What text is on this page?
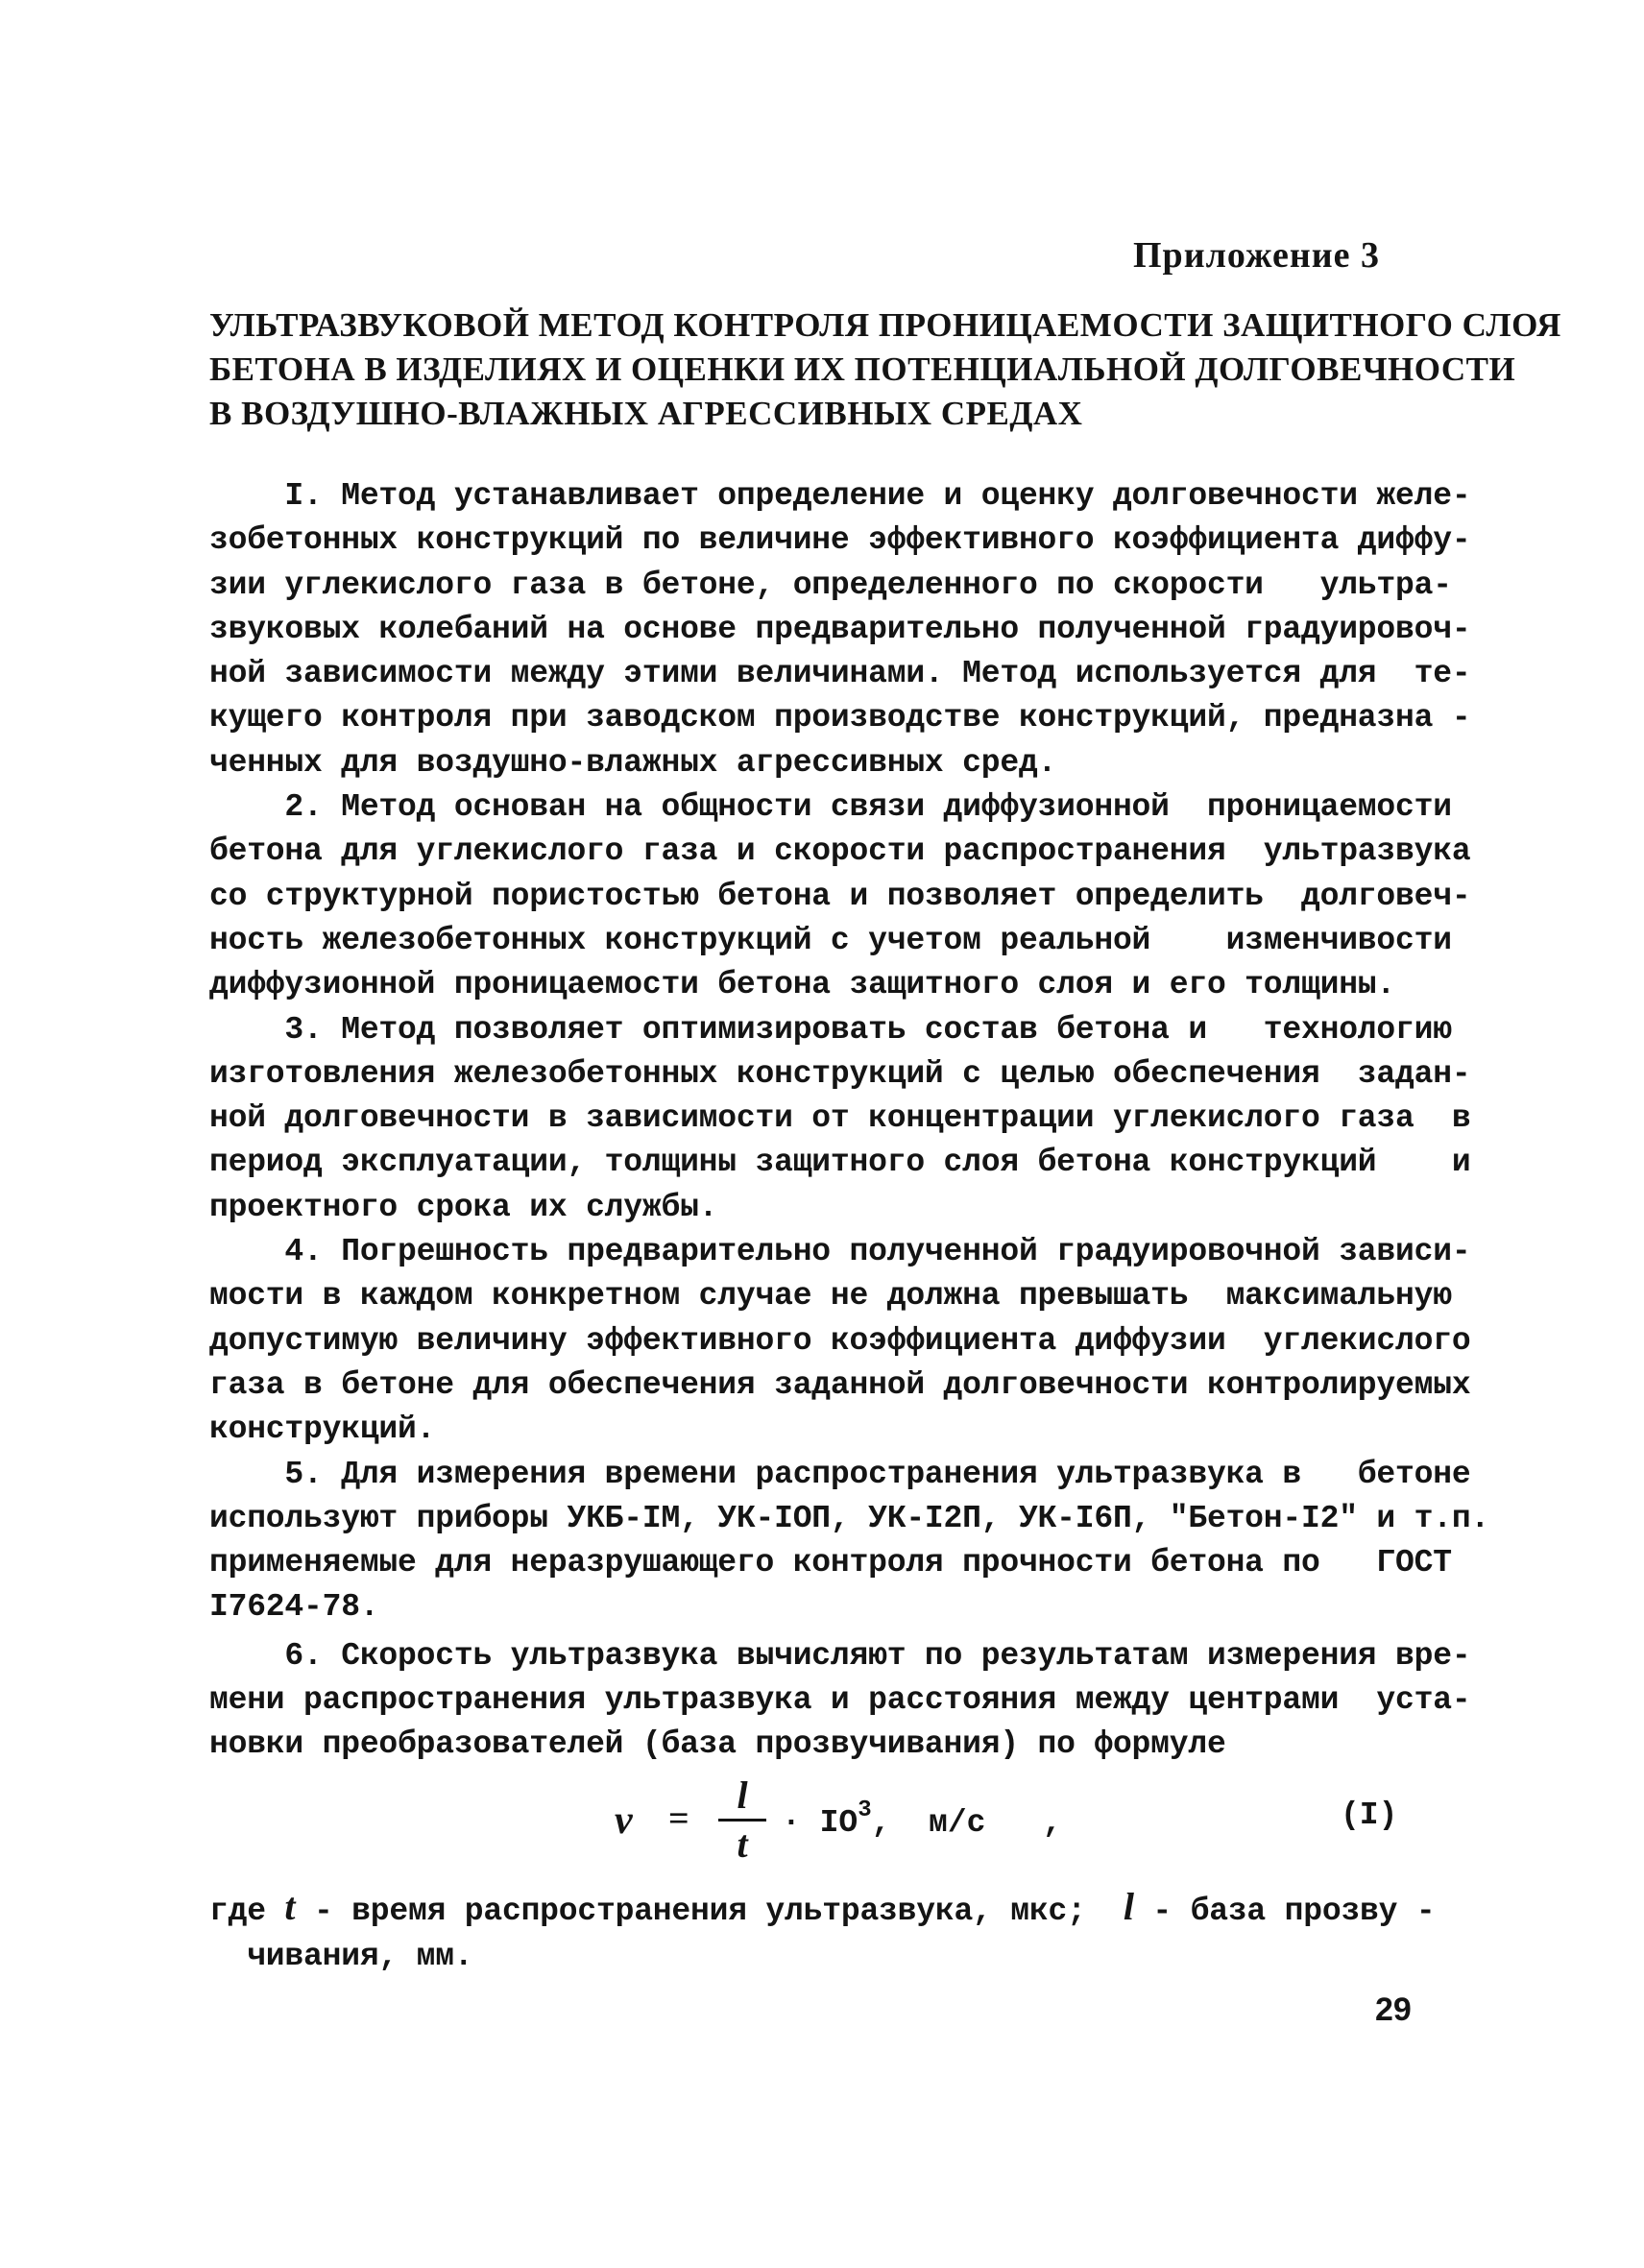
Приложение 3
УЛЬТРАЗВУКОВОЙ МЕТОД КОНТРОЛЯ ПРОНИЦАЕМОСТИ ЗАЩИТНОГО СЛОЯ
БЕТОНА В ИЗДЕЛИЯХ И ОЦЕНКИ ИХ ПОТЕНЦИАЛЬНОЙ ДОЛГОВЕЧНОСТИ
В ВОЗДУШНО-ВЛАЖНЫХ АГРЕССИВНЫХ СРЕДАХ
I. Метод устанавливает определение и оценку долговечности желе-
зобетонных конструкций по величине эффективного коэффициента диффу-
зии углекислого газа в бетоне, определенного по скорости   ультра-
звуковых колебаний на основе предварительно полученной градуировоч-
ной зависимости между этими величинами. Метод используется для  те-
кущего контроля при заводском производстве конструкций, предназна -
ченных для воздушно-влажных агрессивных сред.
2. Метод основан на общности связи диффузионной  проницаемости
бетона для углекислого газа и скорости распространения  ультразвука
со структурной пористостью бетона и позволяет определить  долговеч-
ность железобетонных конструкций с учетом реальной    изменчивости
диффузионной проницаемости бетона защитного слоя и его толщины.
3. Метод позволяет оптимизировать состав бетона и   технологию
изготовления железобетонных конструкций с целью обеспечения  задан-
ной долговечности в зависимости от концентрации углекислого газа  в
период эксплуатации, толщины защитного слоя бетона конструкций    и
проектного срока их службы.
4. Погрешность предварительно полученной градуировочной зависи-
мости в каждом конкретном случае не должна превышать  максимальную
допустимую величину эффективного коэффициента диффузии  углекислого
газа в бетоне для обеспечения заданной долговечности контролируемых
конструкций.
5. Для измерения времени распространения ультразвука в   бетоне
используют приборы УКБ-IМ, УК-IОП, УК-I2П, УК-I6П, "Бетон-I2" и т.п.
применяемые для неразрушающего контроля прочности бетона по   ГОСТ
I7624-78.
6. Скорость ультразвука вычисляют по результатам измерения вре-
мени распространения ультразвука и расстояния между центрами  уста-
новки преобразователей (база прозвучивания) по формуле
v =
l
t	· $IO^3$,  м/с   ,	(I)
где t - время распространения ультразвука, мкс;  l - база прозву -
чивания, мм.
29
